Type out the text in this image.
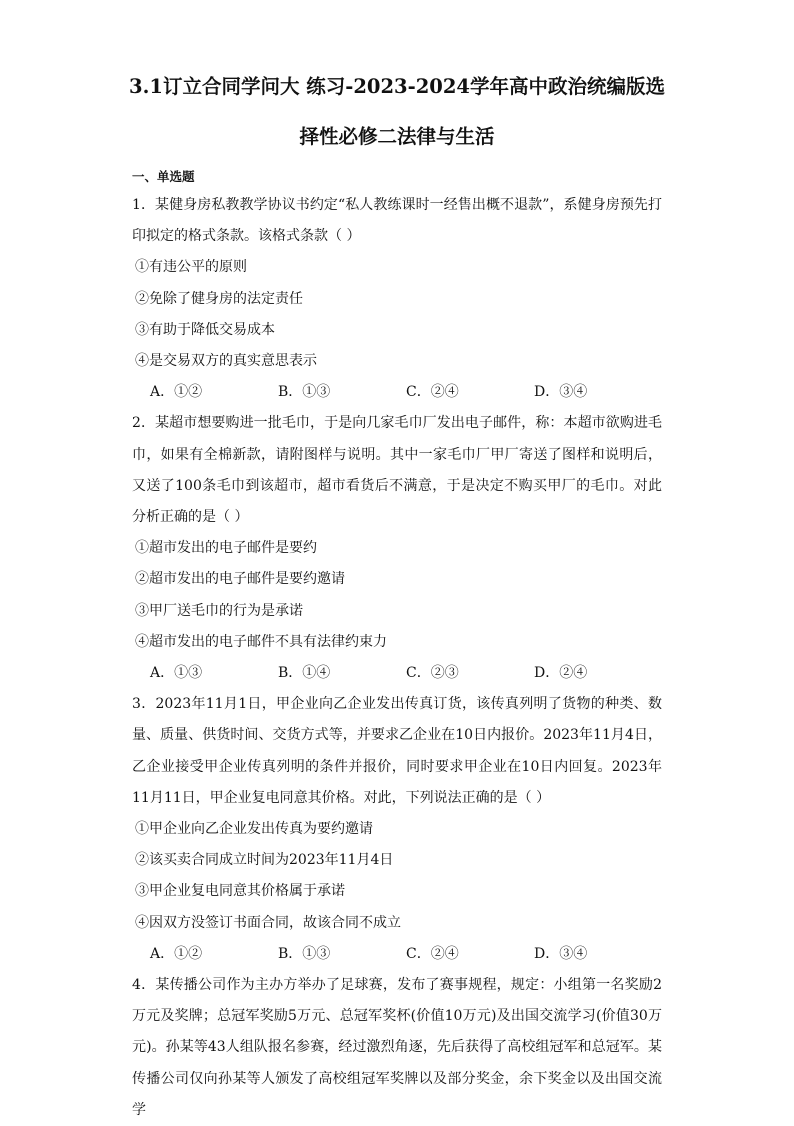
3.1订立合同学问大 练习-2023-2024学年高中政治统编版选
择性必修二法律与生活
一、单选题
1．某健身房私教教学协议书约定“私人教练课时一经售出概不退款”，系健身房预先打印拟定的格式条款。该格式条款（ ）
①有违公平的原则
②免除了健身房的法定责任
③有助于降低交易成本
④是交易双方的真实意思表示
A．①②	B．①③	C．②④	D．③④
2．某超市想要购进一批毛巾，于是向几家毛巾厂发出电子邮件，称：本超市欲购进毛巾，如果有全棉新款，请附图样与说明。其中一家毛巾厂甲厂寄送了图样和说明后，又送了100条毛巾到该超市，超市看货后不满意，于是决定不购买甲厂的毛巾。对此分析正确的是（ ）
①超市发出的电子邮件是要约
②超市发出的电子邮件是要约邀请
③甲厂送毛巾的行为是承诺
④超市发出的电子邮件不具有法律约束力
A．①③	B．①④	C．②③	D．②④
3．2023年11月1日，甲企业向乙企业发出传真订货，该传真列明了货物的种类、数量、质量、供货时间、交货方式等，并要求乙企业在10日内报价。2023年11月4日，乙企业接受甲企业传真列明的条件并报价，同时要求甲企业在10日内回复。2023年11月11日，甲企业复电同意其价格。对此，下列说法正确的是（ ）
①甲企业向乙企业发出传真为要约邀请
②该买卖合同成立时间为2023年11月4日
③甲企业复电同意其价格属于承诺
④因双方没签订书面合同，故该合同不成立
A．①②	B．①③	C．②④	D．③④
4．某传播公司作为主办方举办了足球赛，发布了赛事规程，规定：小组第一名奖励2万元及奖牌；总冠军奖励5万元、总冠军奖杯(价值10万元)及出国交流学习(价值30万元)。孙某等43人组队报名参赛，经过激烈角逐，先后获得了高校组冠军和总冠军。某传播公司仅向孙某等人颁发了高校组冠军奖牌以及部分奖金，余下奖金以及出国交流学
